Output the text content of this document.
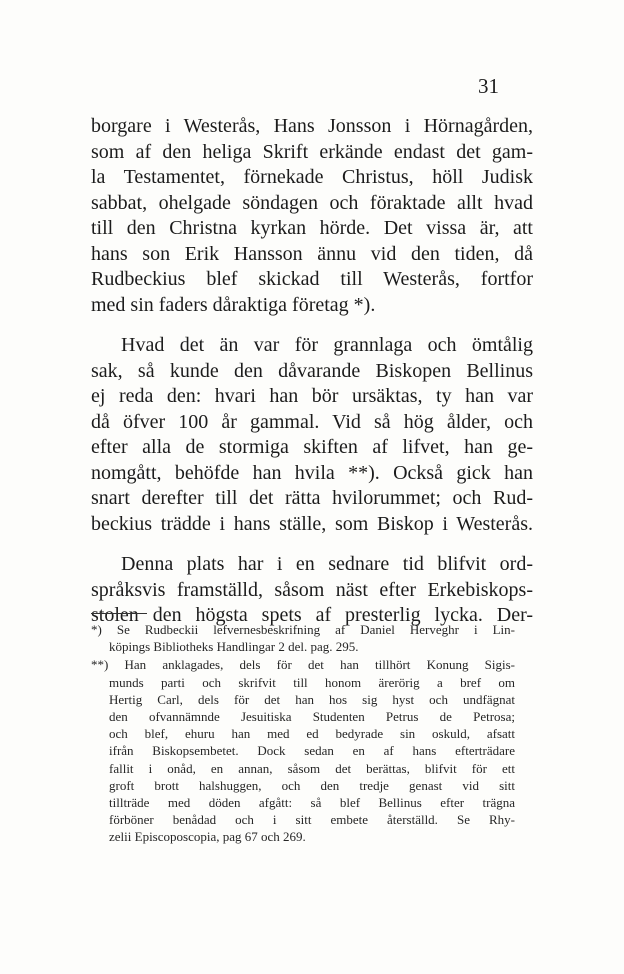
31
borgare i Westerås, Hans Jonsson i Hörnagården,
som af den heliga Skrift erkände endast det gam-
la Testamentet, förnekade Christus, höll Judisk
sabbat, ohelgade söndagen och föraktade allt hvad
till den Christna kyrkan hörde. Det vissa är, att
hans son Erik Hansson ännu vid den tiden, då
Rudbeckius blef skickad till Westerås, fortfor
med sin faders dåraktiga företag *).
Hvad det än var för grannlaga och ömtålig
sak, så kunde den dåvarande Biskopen Bellinus
ej reda den: hvari han bör ursäktas, ty han var
då öfver 100 år gammal. Vid så hög ålder, och
efter alla de stormiga skiften af lifvet, han ge-
nomgått, behöfde han hvila **). Också gick han
snart derefter till det rätta hvilorummet; och Rud-
beckius trädde i hans ställe, som Biskop i Westerås.
Denna plats har i en sednare tid blifvit ord-
språksvis framställd, såsom näst efter Erkebiskops-
stolen den högsta spets af presterlig lycka. Der-
*) Se Rudbeckii lefvernesbeskrifning af Daniel Herveghr i Lin-
köpings Bibliotheks Handlingar 2 del. pag. 295.
**) Han anklagades, dels för det han tillhört Konung Sigis-
munds parti och skrifvit till honom ärerörig a bref om
Hertig Carl, dels för det han hos sig hyst och undfägnat
den ofvannämnde Jesuitiska Studenten Petrus de Petrosa;
och blef, ehuru han med ed bedyrade sin oskuld, afsatt
ifrån Biskopsembetet. Dock sedan en af hans efterträdare
fallit i onåd, en annan, såsom det berättas, blifvit för ett
groft brott halshuggen, och den tredje genast vid sitt
tillträde med döden afgått: så blef Bellinus efter trägna
förböner benådad och i sitt embete återställd. Se Rhy-
zelii Episcoposcopia, pag 67 och 269.
